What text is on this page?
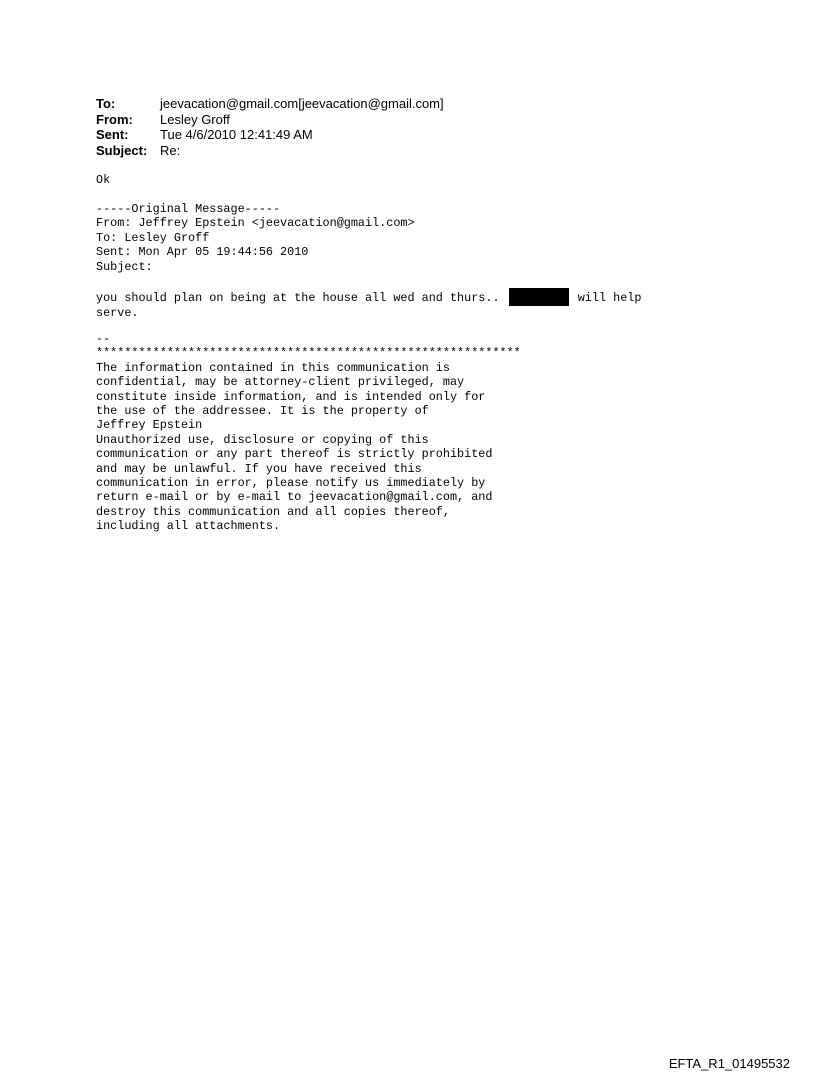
To:	jeevacation@gmail.com[jeevacation@gmail.com]
From:	Lesley Groff
Sent:	Tue 4/6/2010 12:41:49 AM
Subject: Re:
Ok
-----Original Message-----
From: Jeffrey Epstein <jeevacation@gmail.com>
To: Lesley Groff
Sent: Mon Apr 05 19:44:56 2010
Subject:
you should plan on being at the house all wed and thurs..	will help
serve.
--
************************************************************
The information contained in this communication is
confidential, may be attorney-client privileged, may
constitute inside information, and is intended only for
the use of the addressee. It is the property of
Jeffrey Epstein
Unauthorized use, disclosure or copying of this
communication or any part thereof is strictly prohibited
and may be unlawful. If you have received this
communication in error, please notify us immediately by
return e-mail or by e-mail to jeevacation@gmail.com, and
destroy this communication and all copies thereof,
including all attachments.
EFTA_R1_01495532
